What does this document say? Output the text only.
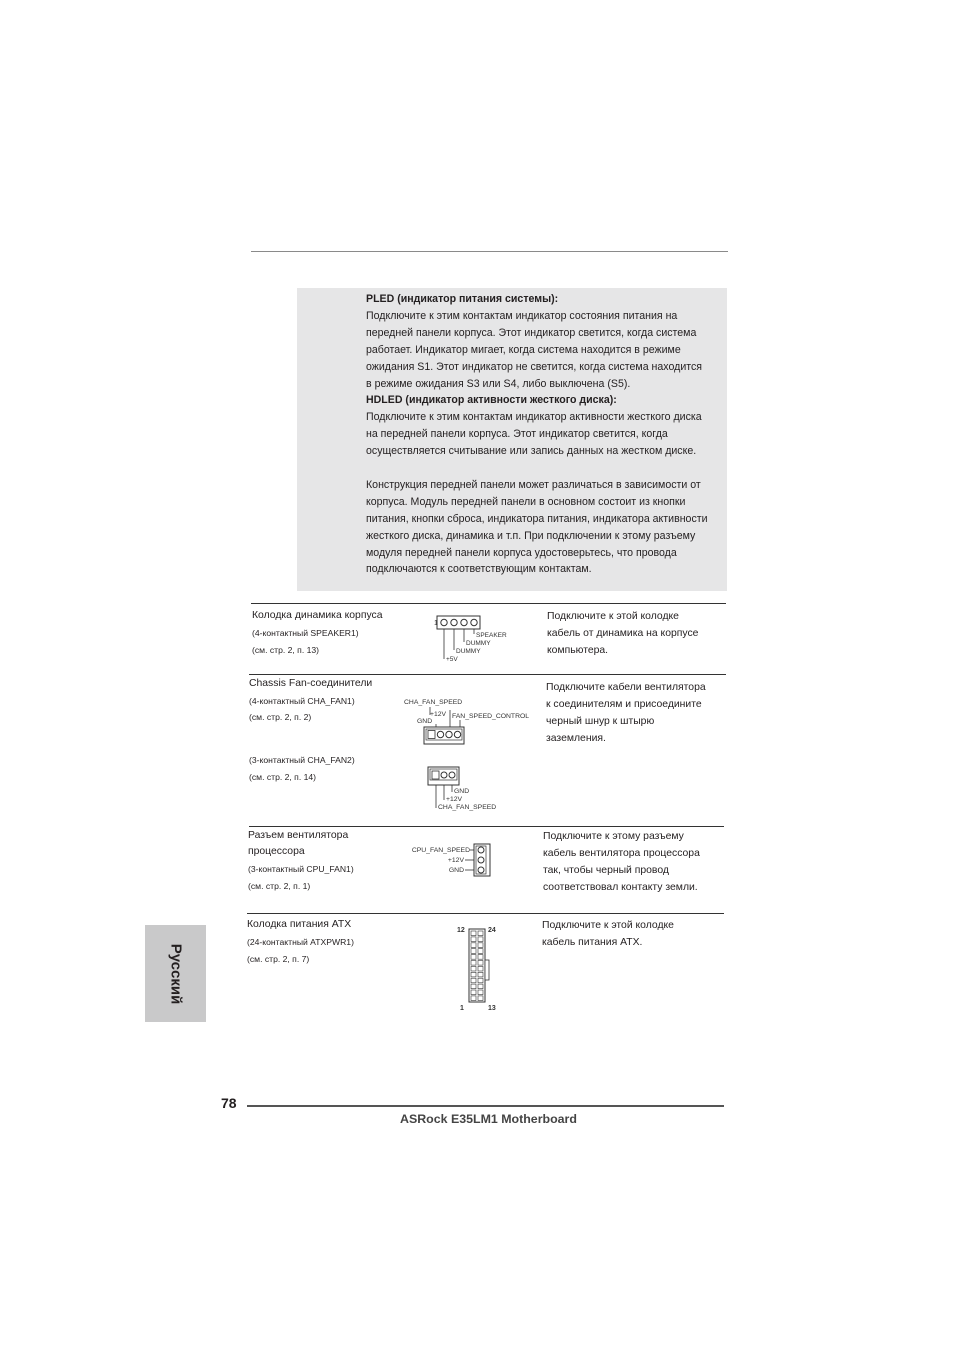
PLED (индикатор питания системы):

Подключите к этим контактам индикатор состояния питания на

передней панели корпуса. Этот индикатор светится, когда система

работает. Индикатор мигает, когда система находится в режиме

ожидания S1. Этот индикатор не светится, когда система находится

в режиме ожидания S3 или S4, либо выключена (S5).

HDLED (индикатор активности жесткого диска):

Подключите к этим контактам индикатор активности жесткого диска

на передней панели корпуса. Этот индикатор светится, когда

осуществляется считывание или запись данных на жестком диске.

Конструкция передней панели может различаться в зависимости от

корпуса. Модуль передней панели в основном состоит из кнопки

питания, кнопки сброса, индикатора питания, индикатора активности

жесткого диска, динамика и т.п. При подключении к этому разъему

модуля передней панели корпуса удостоверьтесь, что провода

подключаются к соответствующим контактам.

Колодка динамика корпуса
(4-контактный SPEAKER1)
(см. стр. 2, п. 13)
1
SPEAKER
DUMMY
DUMMY
+5V
Подключите к этой колодке
кабель от динамика на корпусе
компьютера.
Chassis Fan-соединители
(4-контактный CHA_FAN1)
(см. стр. 2, п. 2)
(3-контактный CHA_FAN2)
(см. стр. 2, п. 14)
CHA_FAN_SPEED
+12V
GND
FAN_SPEED_CONTROL
GND
+12V
CHA_FAN_SPEED
Подключите кабели вентилятора
к соединителям и присоедините
черный шнур к штырю
заземления.
Разъем вентилятора
процессора
(3-контактный CPU_FAN1)
(см. стр. 2, п. 1)
CPU_FAN_SPEED
+12V
GND
Подключите к этому разъему
кабель вентилятора процессора
так, чтобы черный провод
соответствовал контакту земли.
Колодка питания ATX
(24-контактный ATXPWR1)
(см. стр. 2, п. 7)
12	24
1	13
Подключите к этой колодке
кабель питания ATX.
Русский
78
ASRock E35LM1 Motherboard
